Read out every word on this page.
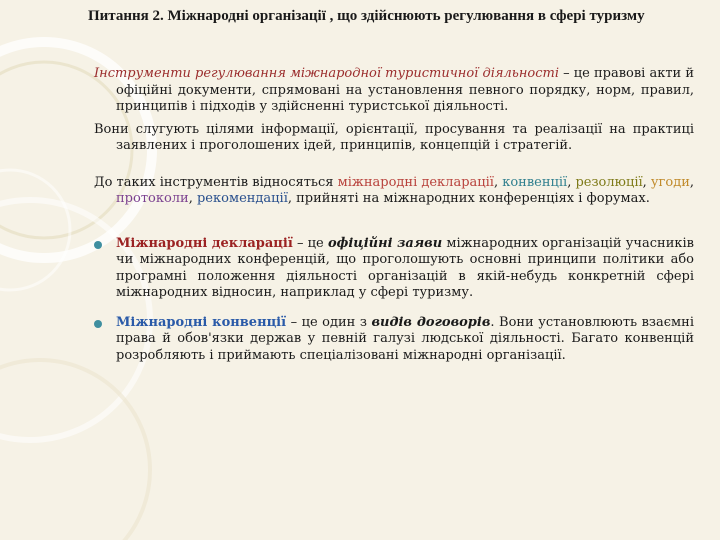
Питання 2. Міжнародні організації , що здійснюють регулювання в сфері туризму

Інструменти регулювання міжнародної туристичної діяльності – це правові акти й офіційні документи, спрямовані на установлення певного порядку, норм, правил, принципів і підходів у здійсненні туристської діяльності.

Вони слугують цілями інформації, орієнтації, просування та реалізації на практиці заявлених і проголошених ідей, принципів, концепцій і стратегій.

До таких інструментів відносяться міжнародні декларації, конвенції, резолюції, угоди, протоколи, рекомендації, прийняті на міжнародних конференціях і форумах.

Міжнародні декларації – це офіційні заяви міжнародних організацій учасників чи міжнародних конференцій, що проголошують основні принципи політики або програмні положення діяльності організацій в якій-небудь конкретній сфері міжнародних відносин, наприклад у сфері туризму.

Міжнародні конвенції – це один з видів договорів. Вони установлюють взаємні права й обов'язки держав у певній галузі людської діяльності. Багато конвенцій розробляють і приймають спеціалізовані міжнародні організації.
